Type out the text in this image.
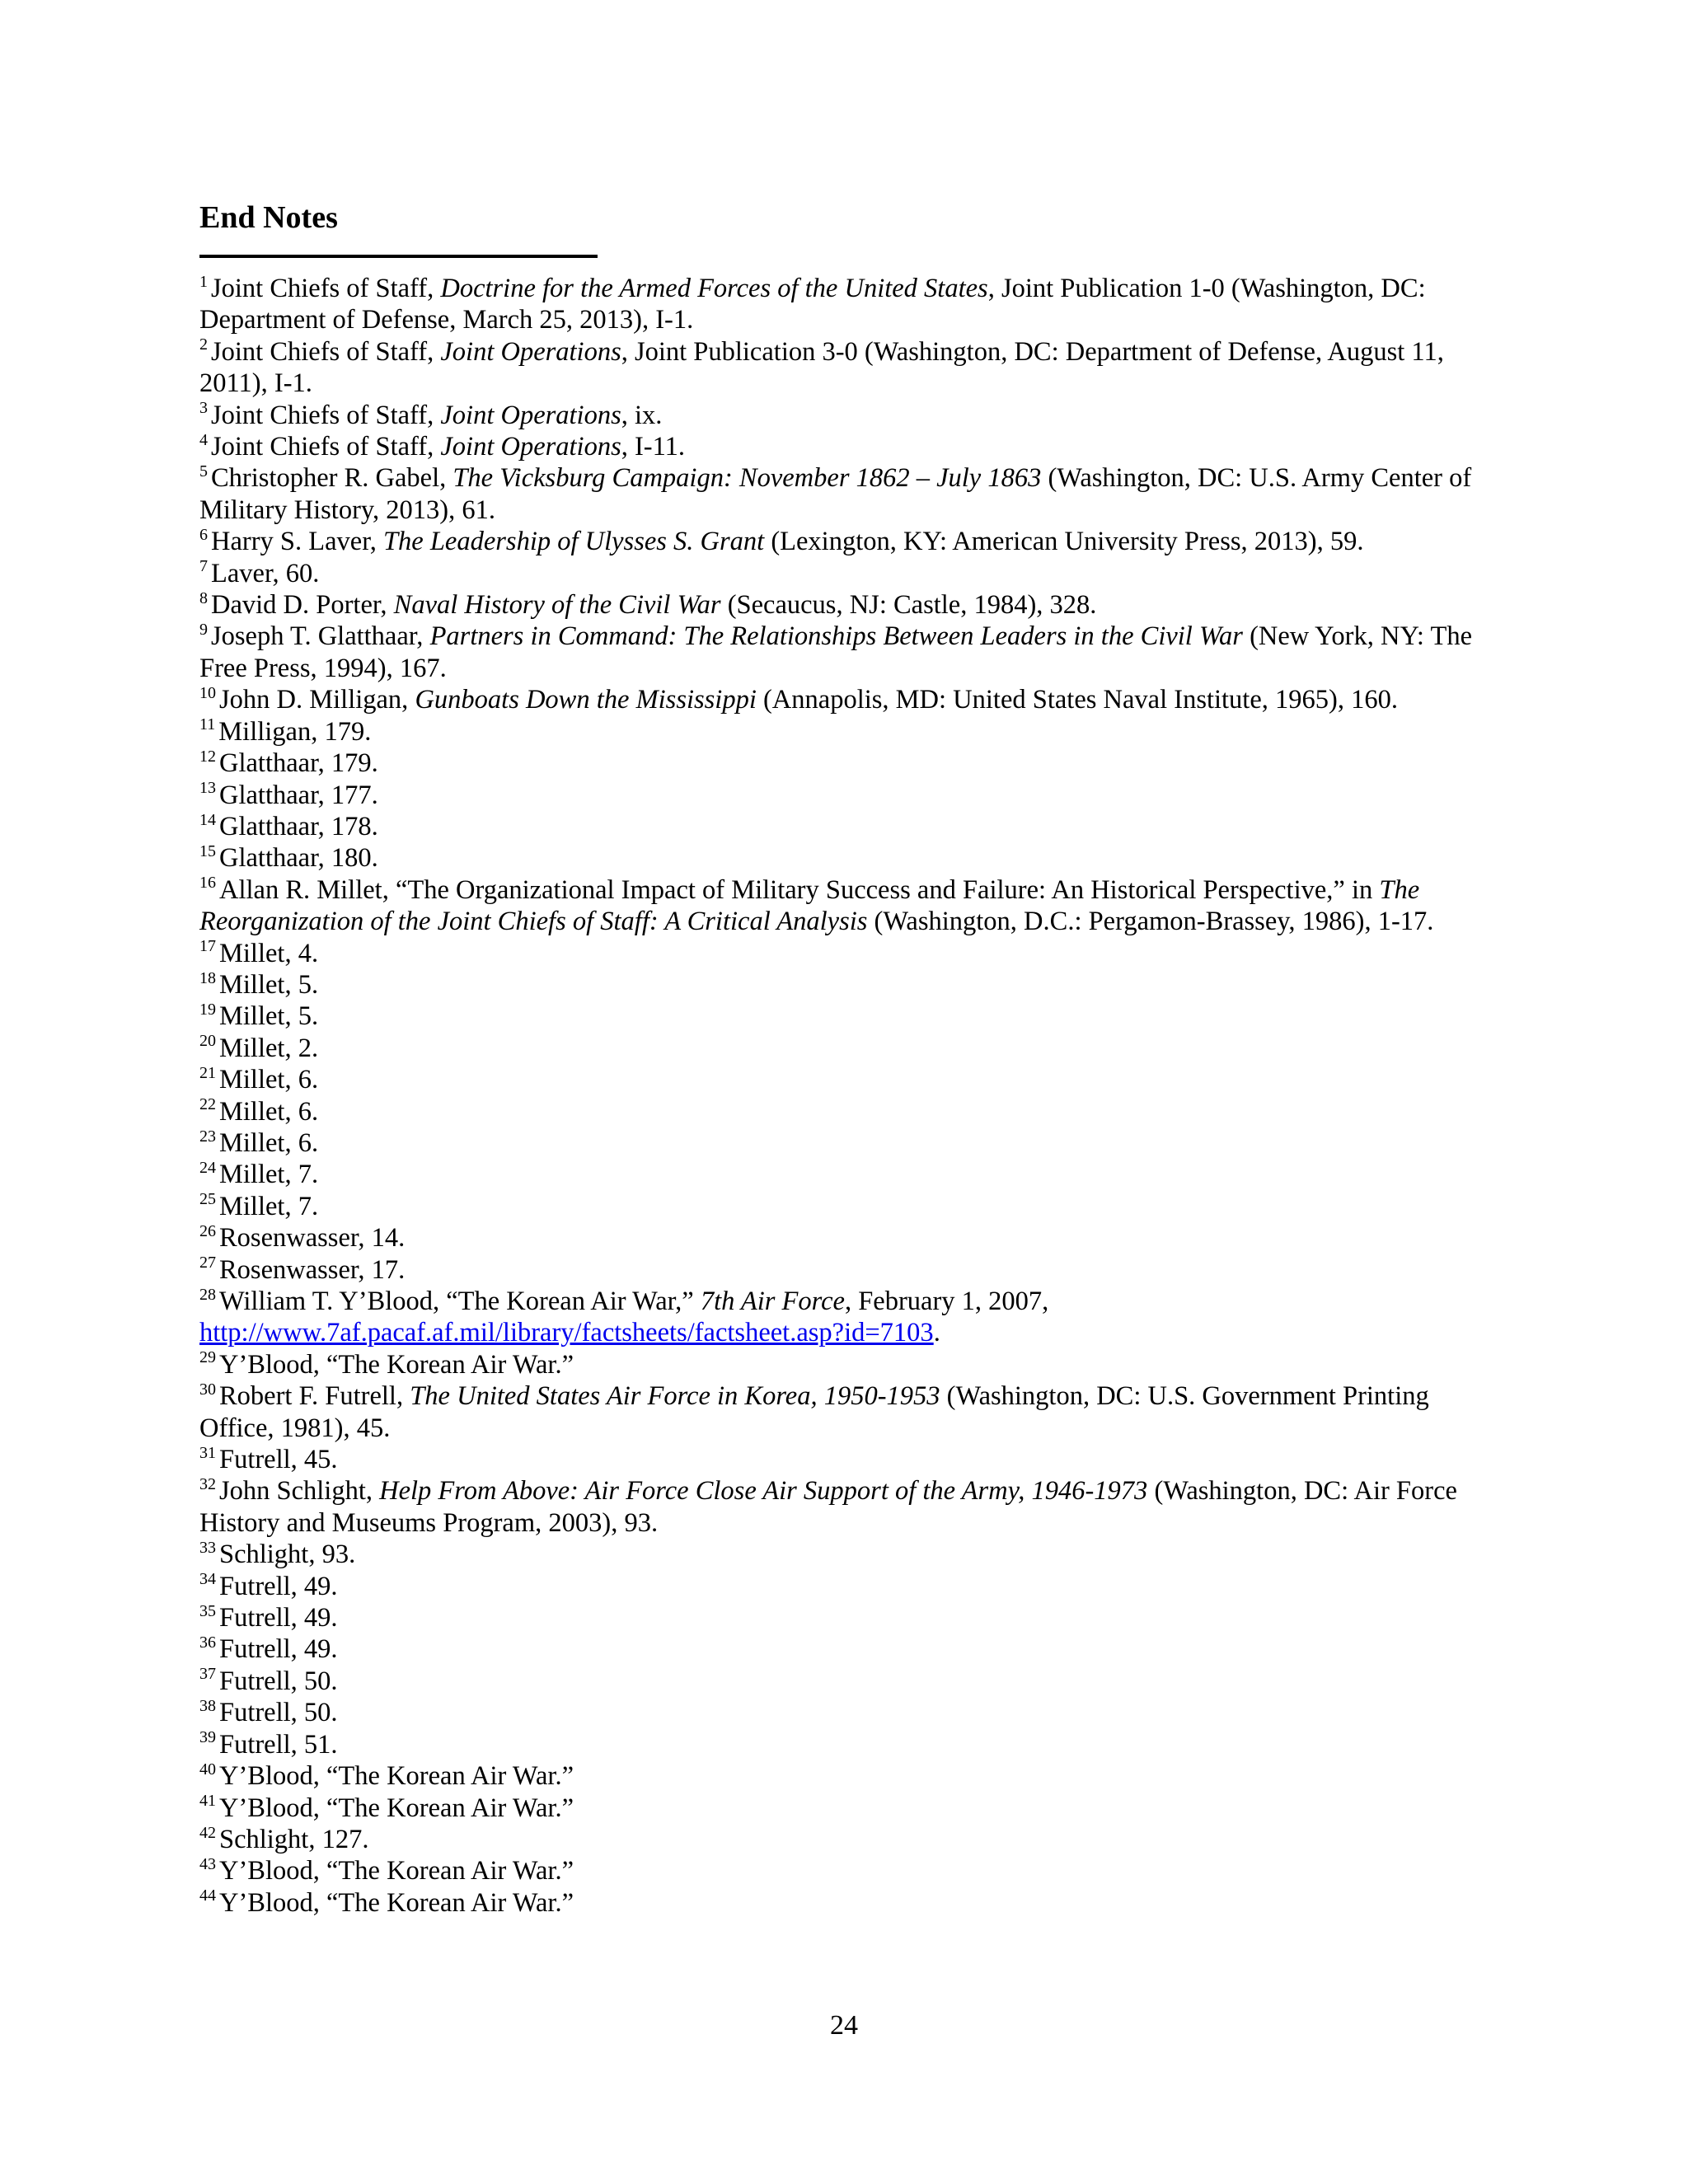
End Notes

$^1$ Joint Chiefs of Staff, Doctrine for the Armed Forces of the United States, Joint Publication 1-0 (Washington, DC: Department of Defense, March 25, 2013), I-1.

$^2$ Joint Chiefs of Staff, Joint Operations, Joint Publication 3-0 (Washington, DC: Department of Defense, August 11, 2011), I-1.

$^3$ Joint Chiefs of Staff, Joint Operations, ix.

$^4$ Joint Chiefs of Staff, Joint Operations, I-11.

$^5$ Christopher R. Gabel, The Vicksburg Campaign: November 1862 – July 1863 (Washington, DC: U.S. Army Center of Military History, 2013), 61.

$^6$ Harry S. Laver, The Leadership of Ulysses S. Grant (Lexington, KY: American University Press, 2013), 59.

$^7$ Laver, 60.

$^8$ David D. Porter, Naval History of the Civil War (Secaucus, NJ: Castle, 1984), 328.

$^9$ Joseph T. Glatthaar, Partners in Command: The Relationships Between Leaders in the Civil War (New York, NY: The Free Press, 1994), 167.

$^{10}$ John D. Milligan, Gunboats Down the Mississippi (Annapolis, MD: United States Naval Institute, 1965), 160.

$^{11}$ Milligan, 179.

$^{12}$ Glatthaar, 179.

$^{13}$ Glatthaar, 177.

$^{14}$ Glatthaar, 178.

$^{15}$ Glatthaar, 180.

$^{16}$ Allan R. Millet, “The Organizational Impact of Military Success and Failure: An Historical Perspective,” in The Reorganization of the Joint Chiefs of Staff: A Critical Analysis (Washington, D.C.: Pergamon-Brassey, 1986), 1-17.

$^{17}$ Millet, 4.

$^{18}$ Millet, 5.

$^{19}$ Millet, 5.

$^{20}$ Millet, 2.

$^{21}$ Millet, 6.

$^{22}$ Millet, 6.

$^{23}$ Millet, 6.

$^{24}$ Millet, 7.

$^{25}$ Millet, 7.

$^{26}$ Rosenwasser, 14.

$^{27}$ Rosenwasser, 17.

$^{28}$ William T. Y’Blood, “The Korean Air War,” 7th Air Force, February 1, 2007, http://www.7af.pacaf.af.mil/library/factsheets/factsheet.asp?id=7103.

$^{29}$ Y’Blood, “The Korean Air War.”

$^{30}$ Robert F. Futrell, The United States Air Force in Korea, 1950-1953 (Washington, DC: U.S. Government Printing Office, 1981), 45.

$^{31}$ Futrell, 45.

$^{32}$ John Schlight, Help From Above: Air Force Close Air Support of the Army, 1946-1973 (Washington, DC: Air Force History and Museums Program, 2003), 93.

$^{33}$ Schlight, 93.

$^{34}$ Futrell, 49.

$^{35}$ Futrell, 49.

$^{36}$ Futrell, 49.

$^{37}$ Futrell, 50.

$^{38}$ Futrell, 50.

$^{39}$ Futrell, 51.

$^{40}$ Y’Blood, “The Korean Air War.”

$^{41}$ Y’Blood, “The Korean Air War.”

$^{42}$ Schlight, 127.

$^{43}$ Y’Blood, “The Korean Air War.”

$^{44}$ Y’Blood, “The Korean Air War.”

24
